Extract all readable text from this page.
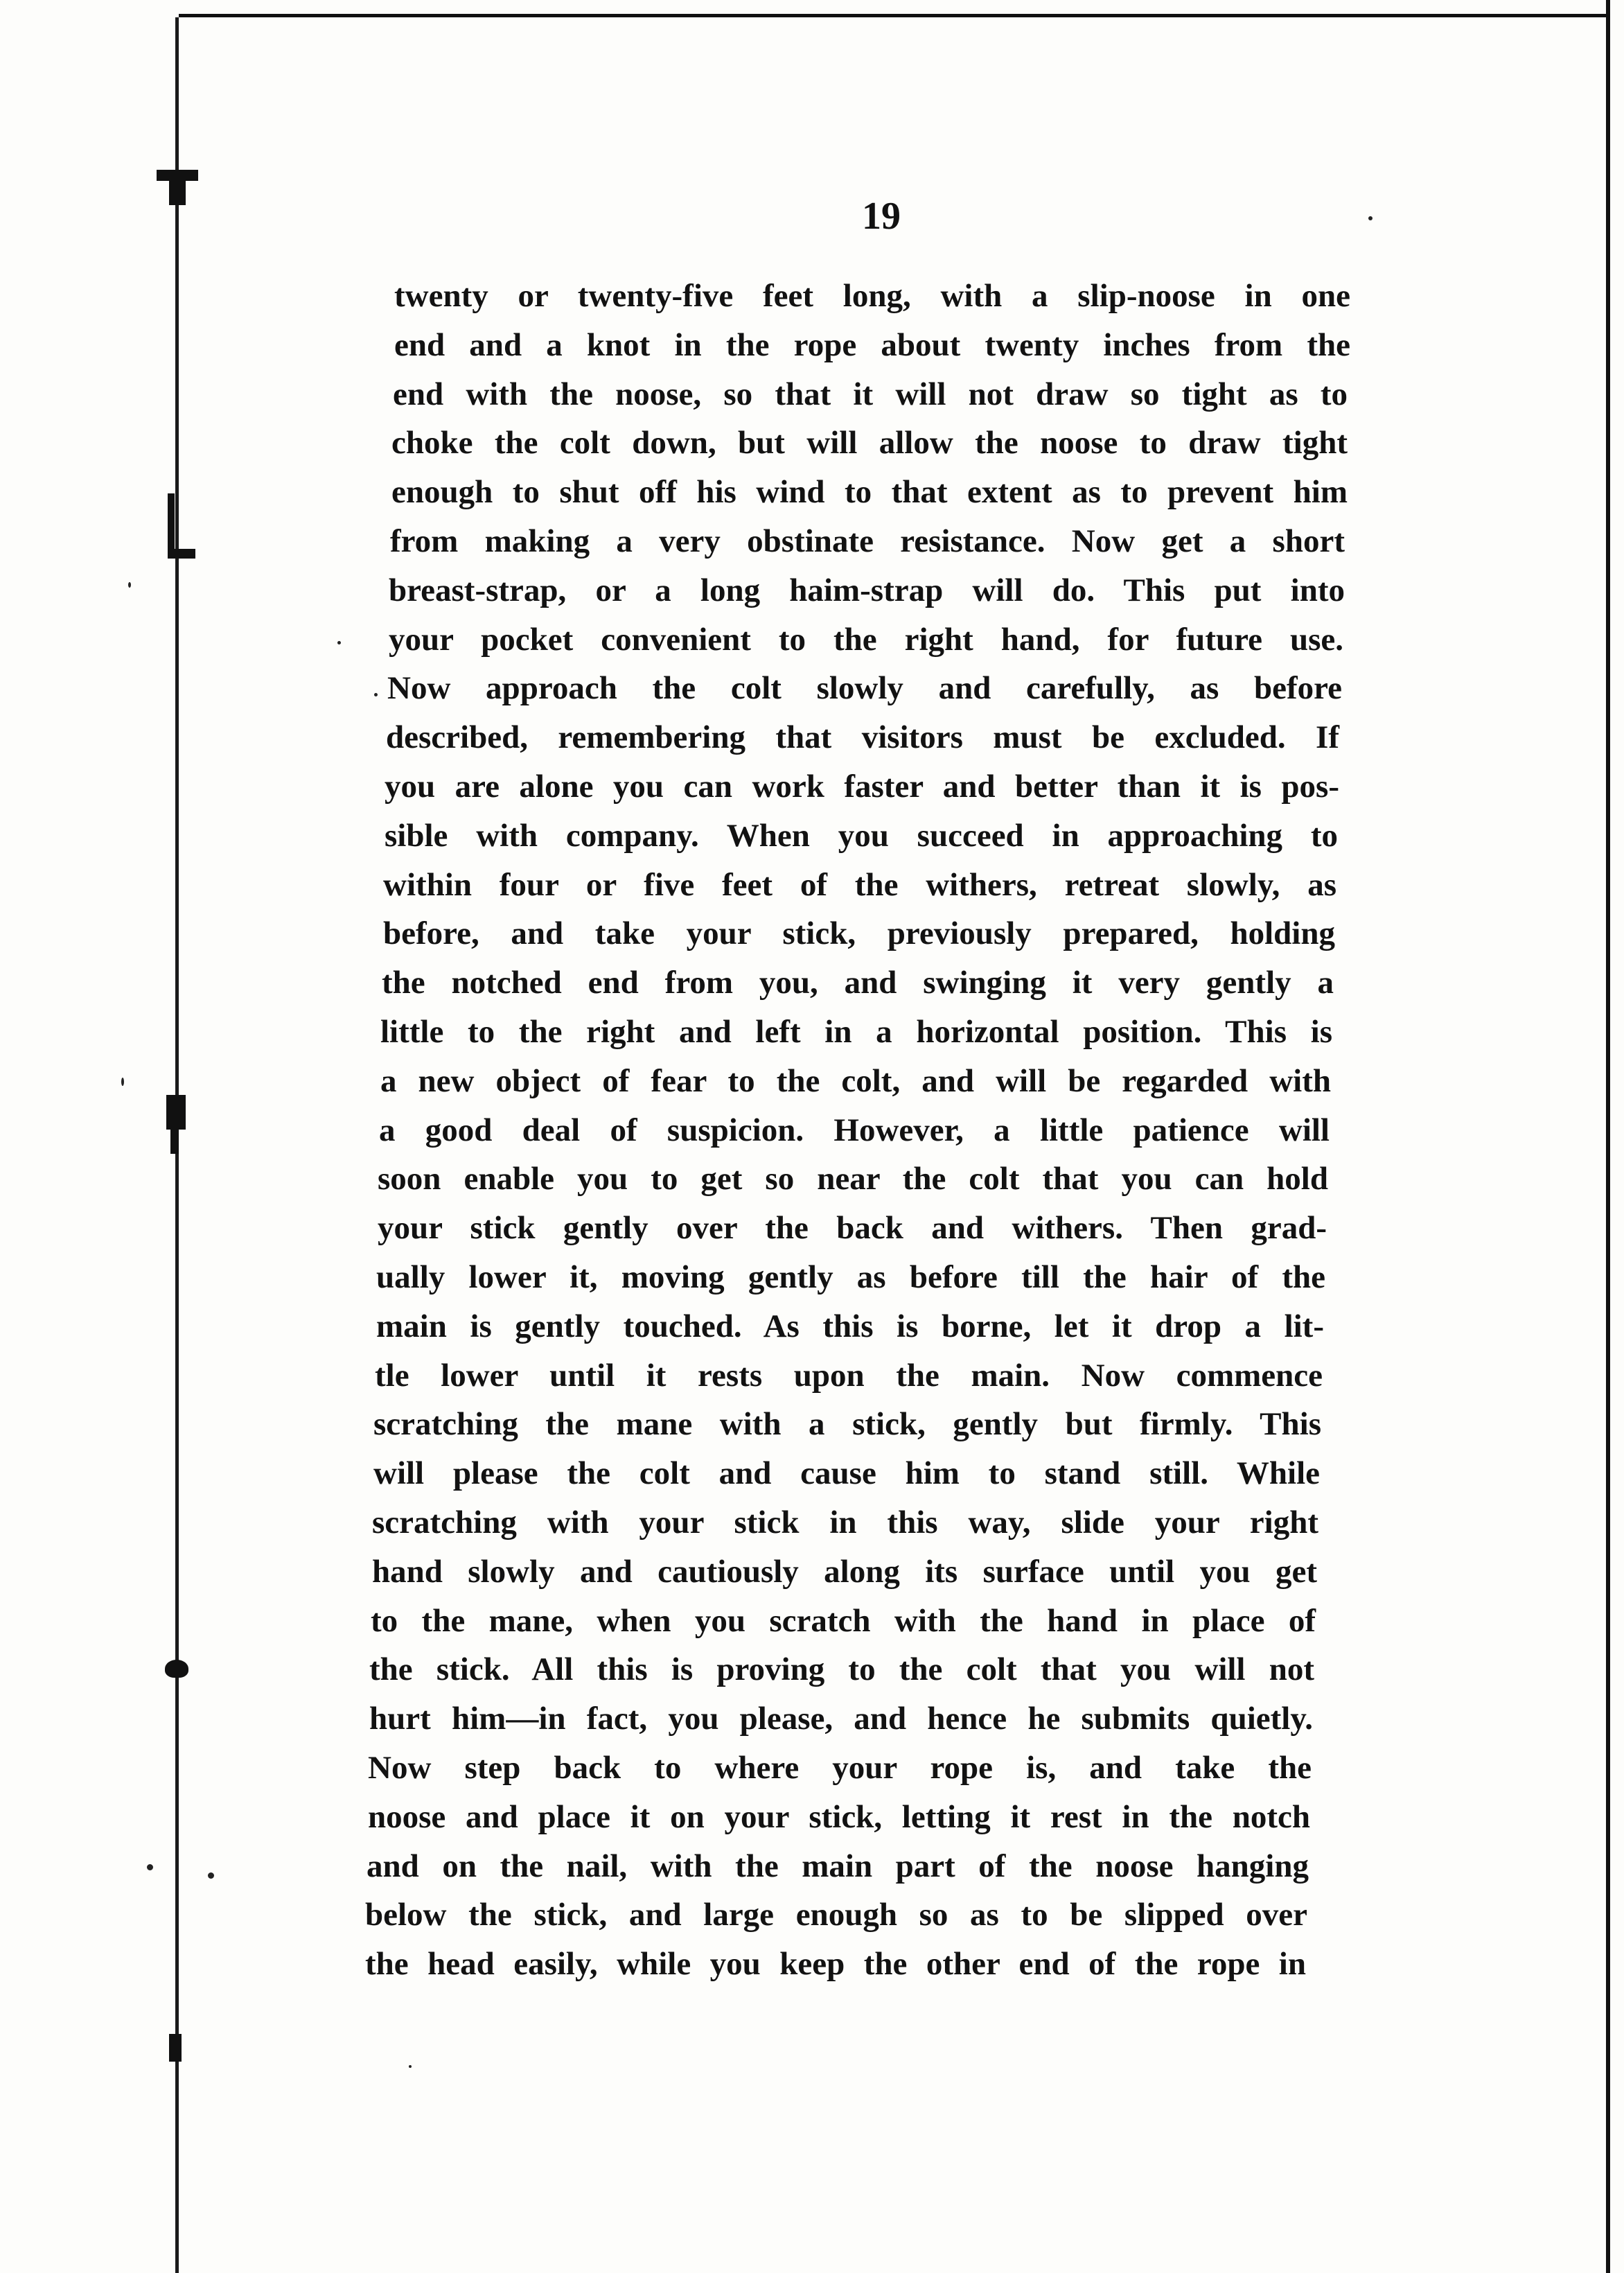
19
twenty or twenty-five feet long, with a slip-noose in one
end and a knot in the rope about twenty inches from the
end with the noose, so that it will not draw so tight as to
choke the colt down, but will allow the noose to draw tight
enough to shut off his wind to that extent as to prevent him
from making a very obstinate resistance. Now get a short
breast-strap, or a long haim-strap will do. This put into
your pocket convenient to the right hand, for future use.
Now approach the colt slowly and carefully, as before
described, remembering that visitors must be excluded. If
you are alone you can work faster and better than it is pos-
sible with company. When you succeed in approaching to
within four or five feet of the withers, retreat slowly, as
before, and take your stick, previously prepared, holding
the notched end from you, and swinging it very gently a
little to the right and left in a horizontal position. This is
a new object of fear to the colt, and will be regarded with
a good deal of suspicion. However, a little patience will
soon enable you to get so near the colt that you can hold
your stick gently over the back and withers. Then grad-
ually lower it, moving gently as before till the hair of the
main is gently touched. As this is borne, let it drop a lit-
tle lower until it rests upon the main. Now commence
scratching the mane with a stick, gently but firmly. This
will please the colt and cause him to stand still. While
scratching with your stick in this way, slide your right
hand slowly and cautiously along its surface until you get
to the mane, when you scratch with the hand in place of
the stick. All this is proving to the colt that you will not
hurt him—in fact, you please, and hence he submits quietly.
Now step back to where your rope is, and take the
noose and place it on your stick, letting it rest in the notch
and on the nail, with the main part of the noose hanging
below the stick, and large enough so as to be slipped over
the head easily, while you keep the other end of the rope in
